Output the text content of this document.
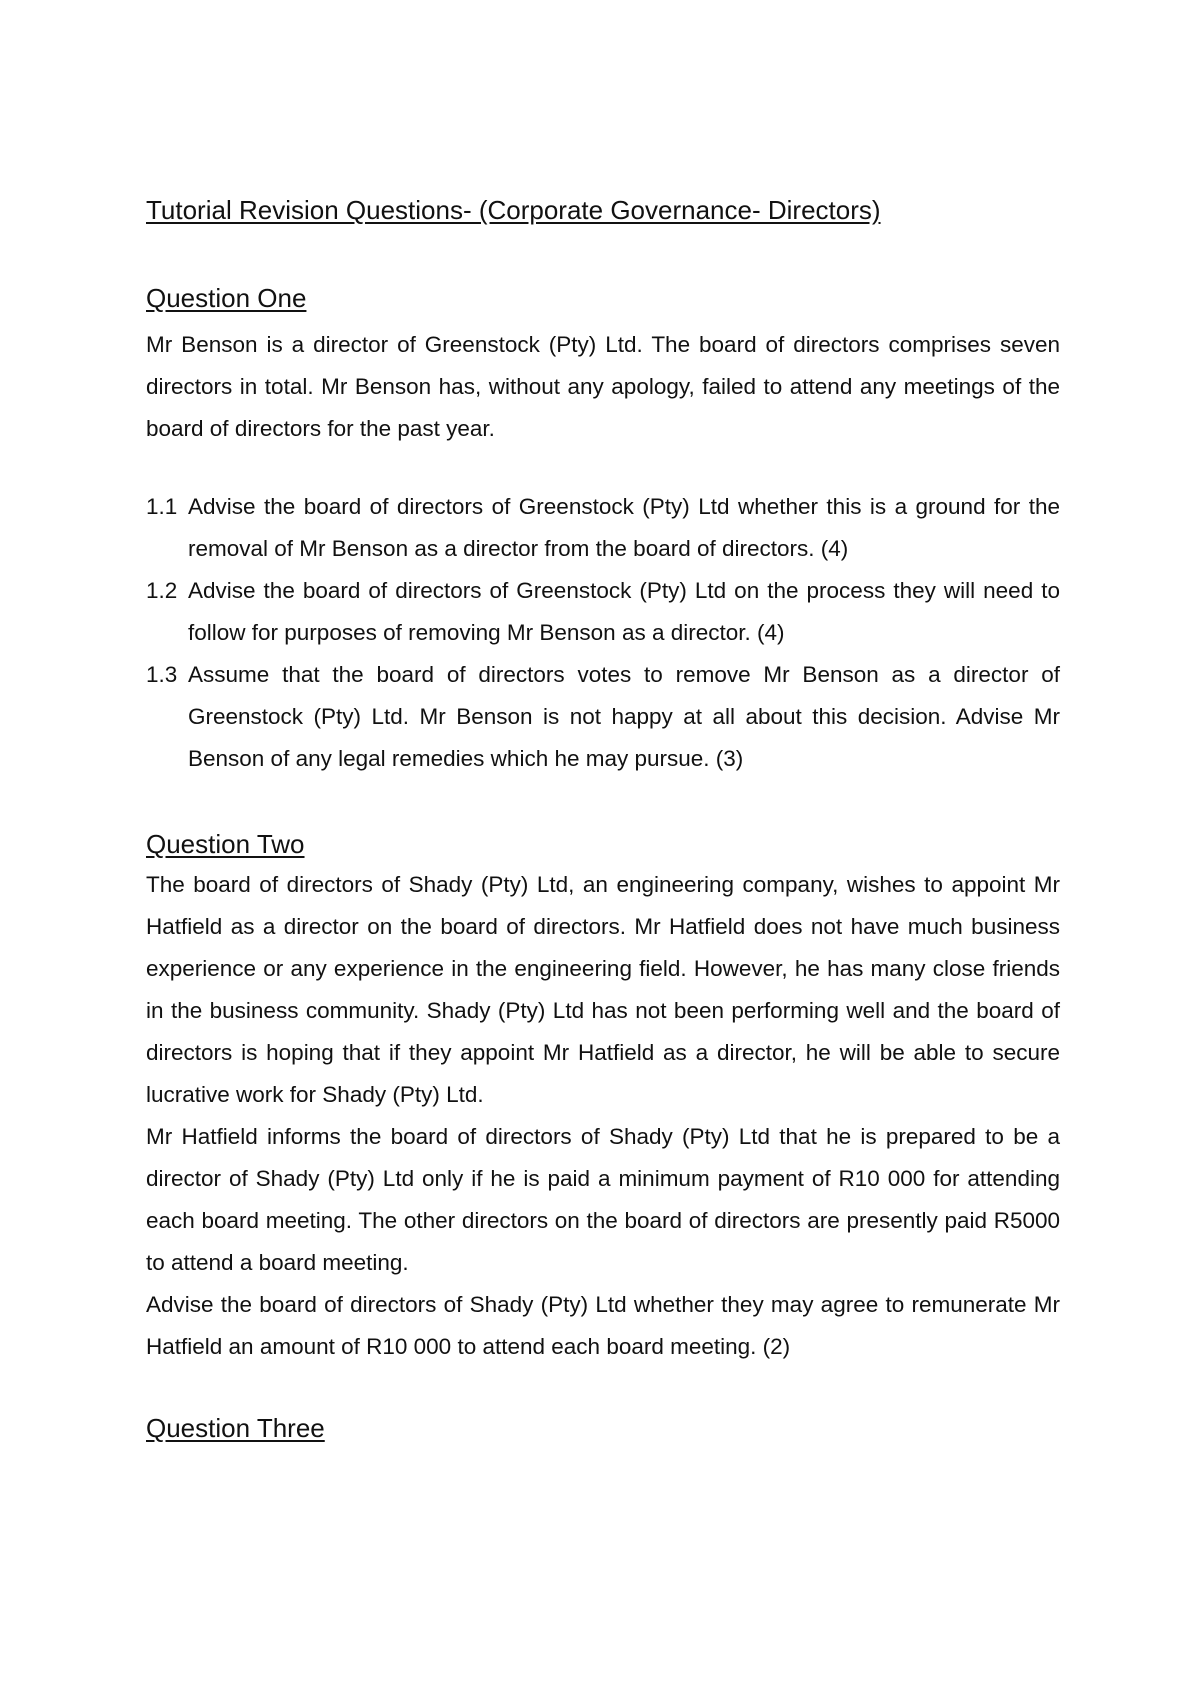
Tutorial Revision Questions- (Corporate Governance- Directors)
Question One

Mr Benson is a director of Greenstock (Pty) Ltd. The board of directors comprises seven directors in total. Mr Benson has, without any apology, failed to attend any meetings of the board of directors for the past year.

1.1 Advise the board of directors of Greenstock (Pty) Ltd whether this is a ground for the removal of Mr Benson as a director from the board of directors. (4)
1.2 Advise the board of directors of Greenstock (Pty) Ltd on the process they will need to follow for purposes of removing Mr Benson as a director. (4)
1.3 Assume that the board of directors votes to remove Mr Benson as a director of Greenstock (Pty) Ltd. Mr Benson is not happy at all about this decision. Advise Mr Benson of any legal remedies which he may pursue. (3)
Question Two

The board of directors of Shady (Pty) Ltd, an engineering company, wishes to appoint Mr Hatfield as a director on the board of directors. Mr Hatfield does not have much business experience or any experience in the engineering field. However, he has many close friends in the business community. Shady (Pty) Ltd has not been performing well and the board of directors is hoping that if they appoint Mr Hatfield as a director, he will be able to secure lucrative work for Shady (Pty) Ltd.

Mr Hatfield informs the board of directors of Shady (Pty) Ltd that he is prepared to be a director of Shady (Pty) Ltd only if he is paid a minimum payment of R10 000 for attending each board meeting. The other directors on the board of directors are presently paid R5000 to attend a board meeting.

Advise the board of directors of Shady (Pty) Ltd whether they may agree to remunerate Mr Hatfield an amount of R10 000 to attend each board meeting. (2)

Question Three
